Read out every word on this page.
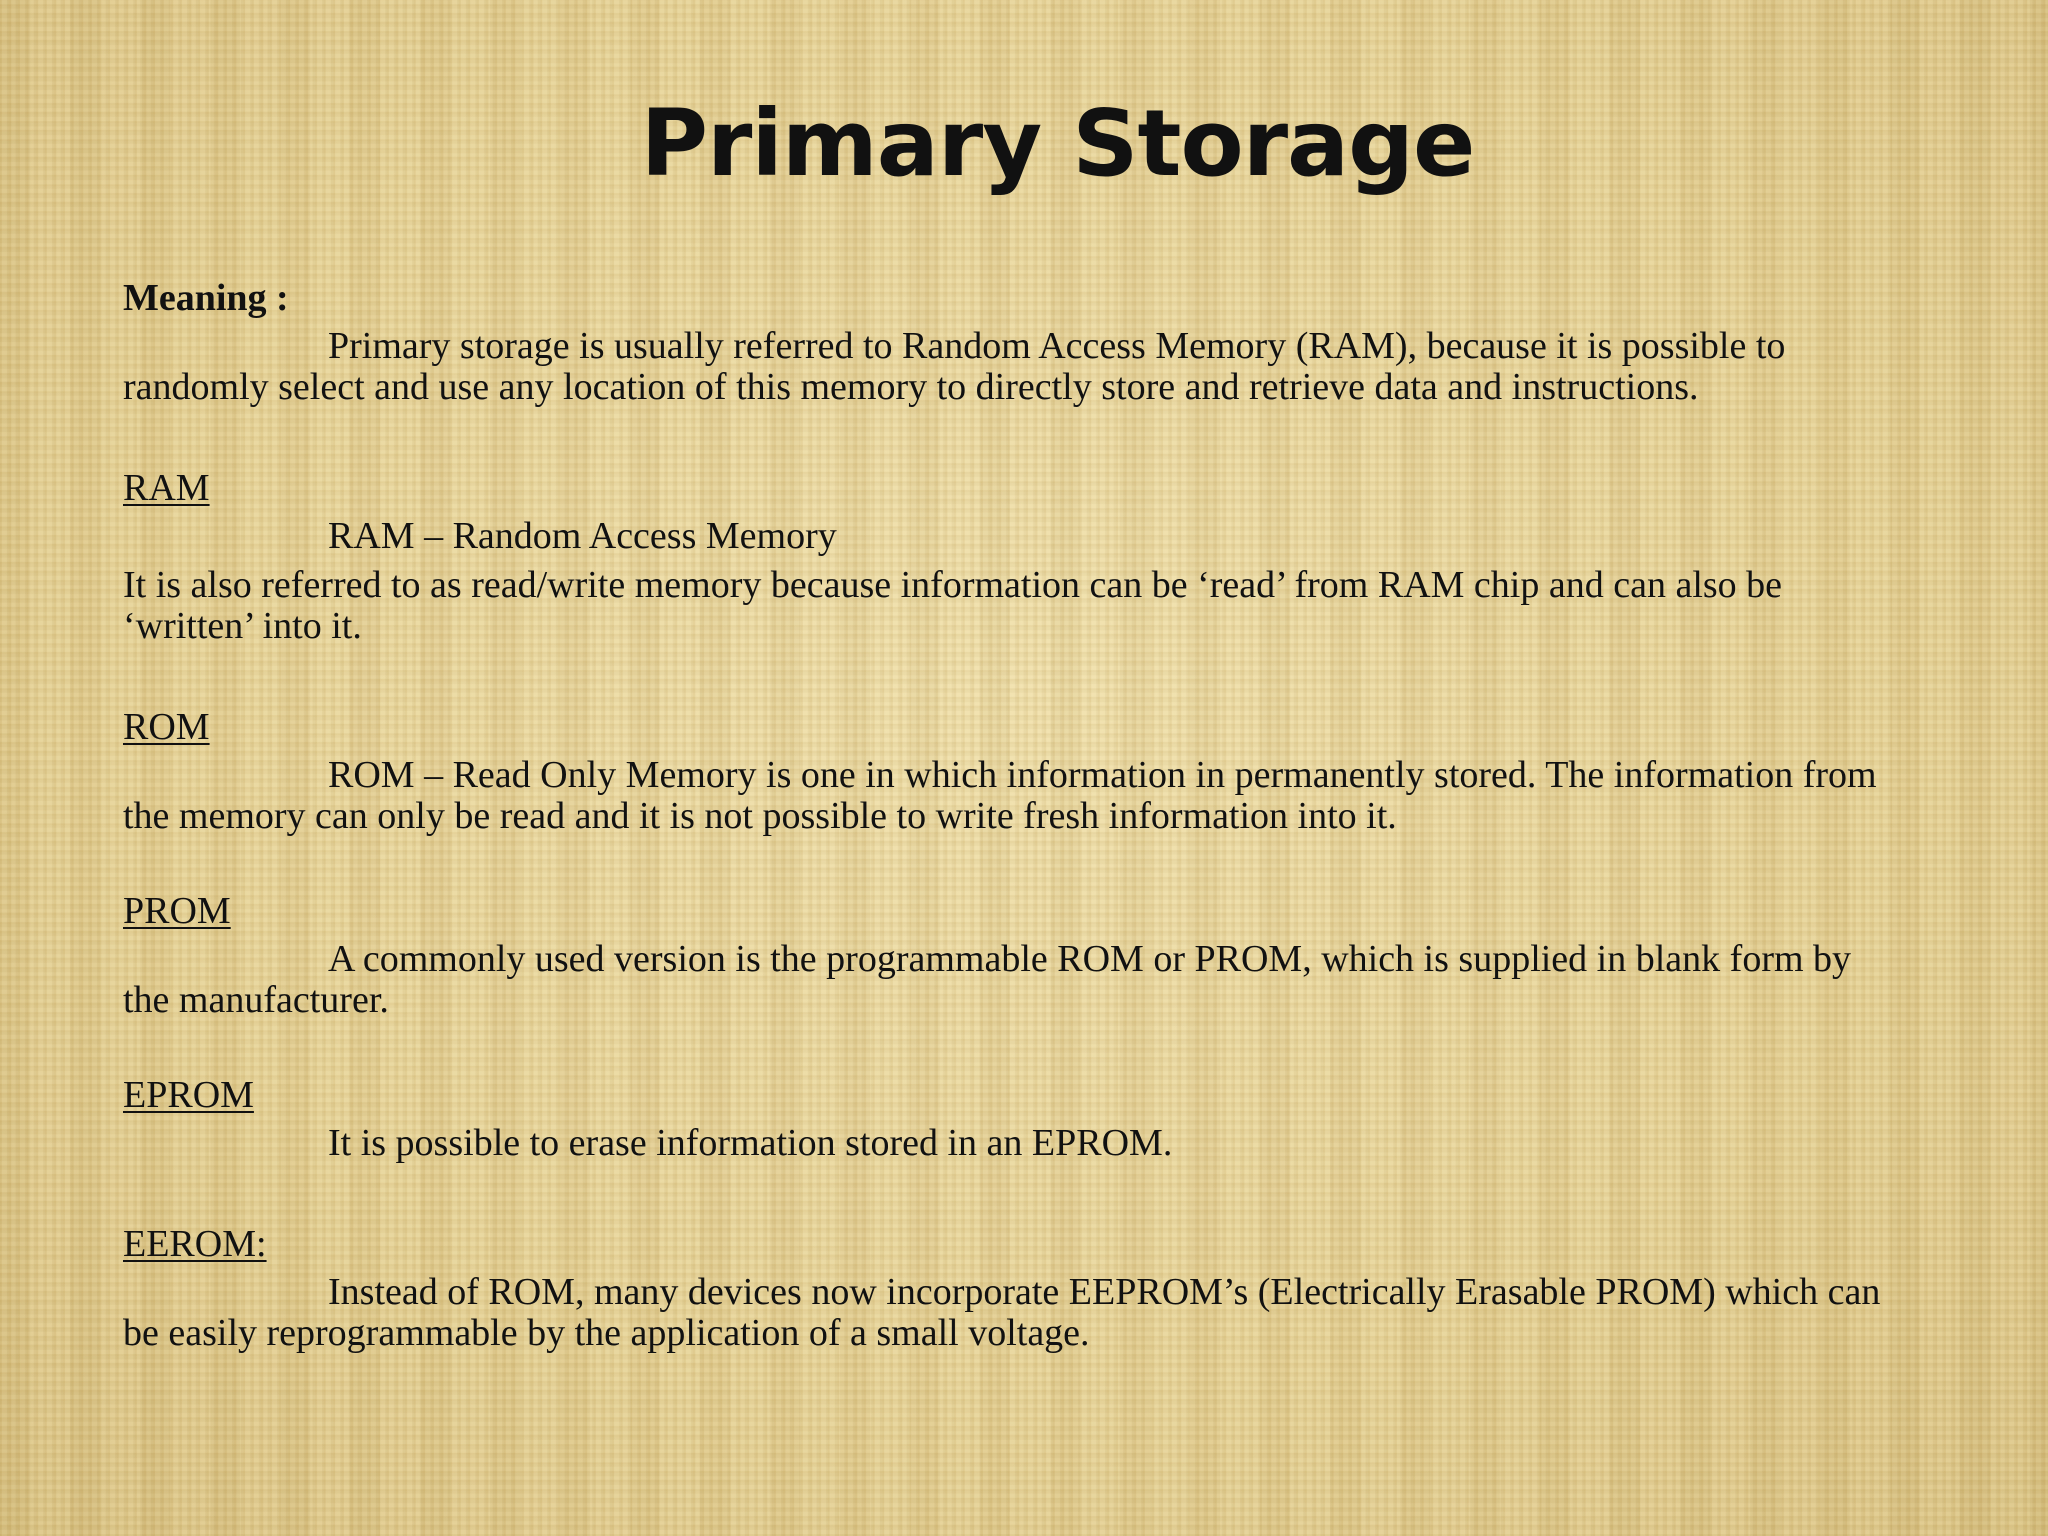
Primary Storage
Meaning :

Primary storage is usually referred to Random Access Memory (RAM), because it is possible to randomly select and use any location of this memory to directly store and retrieve data and instructions.

RAM

RAM – Random Access Memory

It is also referred to as read/write memory because information can be ‘read’ from RAM chip and can also be ‘written’ into it.

ROM

ROM – Read Only Memory is one in which information in permanently stored. The information from the memory can only be read and it is not possible to write fresh information into it.

PROM

A commonly used version is the programmable ROM or PROM, which is supplied in blank form by the manufacturer.

EPROM

It is possible to erase information stored in an EPROM.

EEROM:

Instead of ROM, many devices now incorporate EEPROM’s (Electrically Erasable PROM) which can be easily reprogrammable by the application of a small voltage.
